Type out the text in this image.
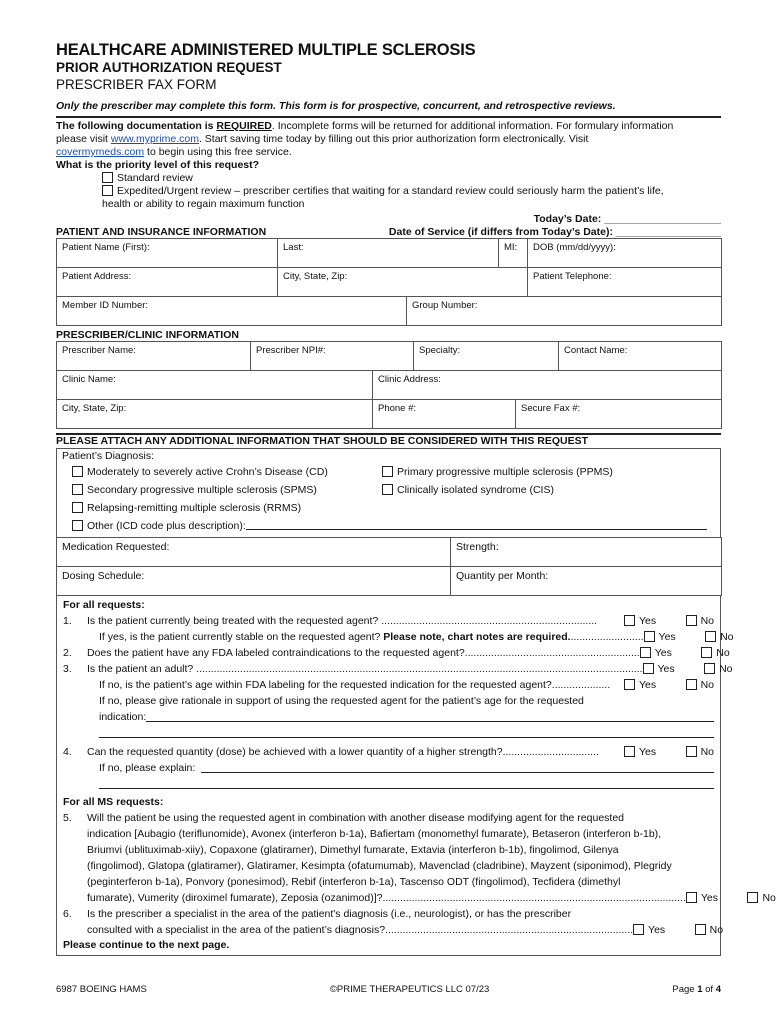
HEALTHCARE ADMINISTERED MULTIPLE SCLEROSIS
PRIOR AUTHORIZATION REQUEST
PRESCRIBER FAX FORM
Only the prescriber may complete this form. This form is for prospective, concurrent, and retrospective reviews.
The following documentation is REQUIRED. Incomplete forms will be returned for additional information. For formulary information
please visit www.myprime.com. Start saving time today by filling out this prior authorization form electronically. Visit
covermymeds.com to begin using this free service.
What is the priority level of this request?
Standard review
Expedited/Urgent review – prescriber certifies that waiting for a standard review could seriously harm the patient’s life,
health or ability to regain maximum function
Today’s Date: ____________________
PATIENT AND INSURANCE INFORMATION	Date of Service (if differs from Today’s Date): __________________
Patient Name (First):	Last:	MI:	DOB (mm/dd/yyyy):
Patient Address:	City, State, Zip:		Patient Telephone:
Member ID Number:	Group Number:
PRESCRIBER/CLINIC INFORMATION
Prescriber Name:	Prescriber NPI#:	Specialty:	Contact Name:
Clinic Name:	Clinic Address:	
City, State, Zip:	Phone #:	Secure Fax #:
PLEASE ATTACH ANY ADDITIONAL INFORMATION THAT SHOULD BE CONSIDERED WITH THIS REQUEST
Patient’s Diagnosis:
Moderately to severely active Crohn’s Disease (CD)	Primary progressive multiple sclerosis (PPMS)
Secondary progressive multiple sclerosis (SPMS)	Clinically isolated syndrome (CIS)
Relapsing-remitting multiple sclerosis (RRMS)
Other (ICD code plus description):
Medication Requested:	Strength:
Dosing Schedule:	Quantity per Month:
For all requests:
1.	Is the patient currently being treated with the requested agent? ..........................................................................	Yes	No
If yes, is the patient currently stable on the requested agent? Please note, chart notes are required..........................	Yes	No
2.	Does the patient have any FDA labeled contraindications to the requested agent?............................................................	Yes	No
3.	Is the patient an adult? .........................................................................................................................................................	Yes	No
If no, is the patient’s age within FDA labeling for the requested indication for the requested agent?....................	Yes	No
If no, please give rationale in support of using the requested agent for the patient’s age for the requested
indication:
4.	Can the requested quantity (dose) be achieved with a lower quantity of a higher strength?.................................	Yes	No
If no, please explain:
For all MS requests:
5.	Will the patient be using the requested agent in combination with another disease modifying agent for the requested
indication [Aubagio (teriflunomide), Avonex (interferon b-1a), Bafiertam (monomethyl fumarate), Betaseron (interferon b-1b),
Briumvi (ublituximab-xiiy), Copaxone (glatiramer), Dimethyl fumarate, Extavia (interferon b-1b), fingolimod, Gilenya
(fingolimod), Glatopa (glatiramer), Glatiramer, Kesimpta (ofatumumab), Mavenclad (cladribine), Mayzent (siponimod), Plegridy
(peginterferon b-1a), Ponvory (ponesimod), Rebif (interferon b-1a), Tascenso ODT (fingolimod), Tecfidera (dimethyl
fumarate), Vumerity (diroximel fumarate), Zeposia (ozanimod)]?........................................................................................................	Yes	No
6.	Is the prescriber a specialist in the area of the patient's diagnosis (i.e., neurologist), or has the prescriber
consulted with a specialist in the area of the patient’s diagnosis?.....................................................................................	Yes	No
Please continue to the next page.
6987 BOEING HAMS	©PRIME THERAPEUTICS LLC 07/23	Page 1 of 4
